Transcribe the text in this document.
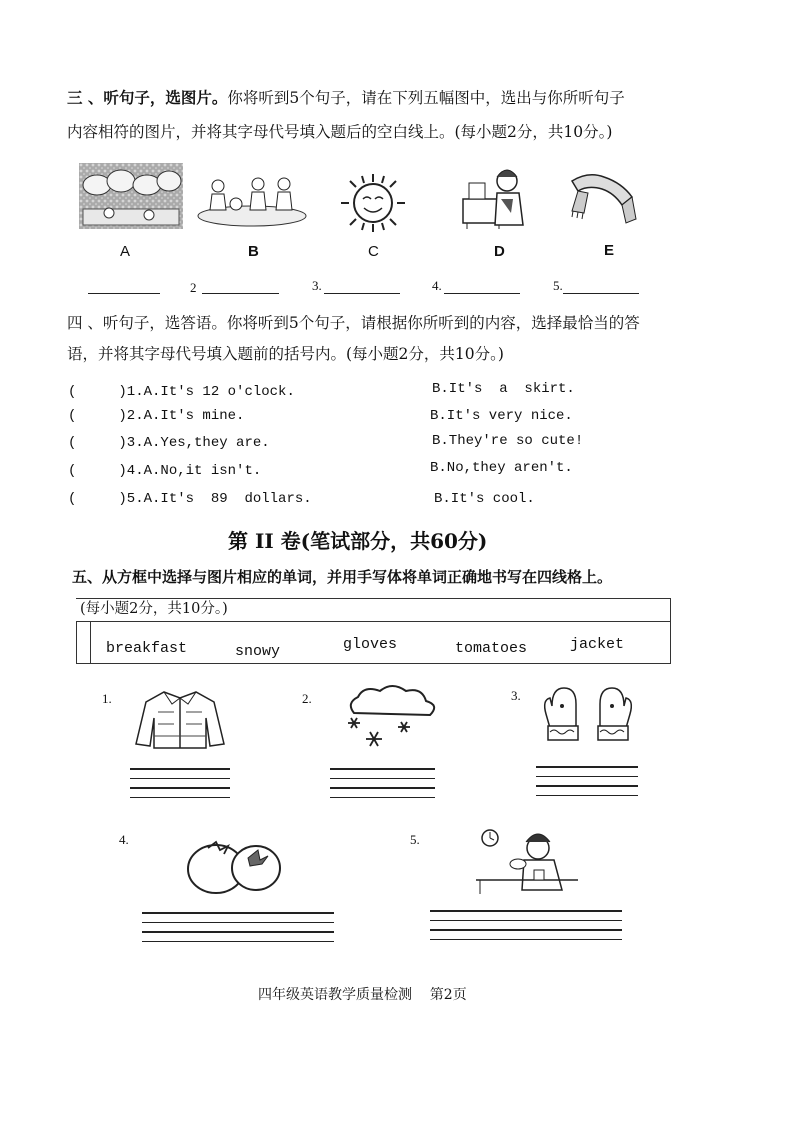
三 、听句子，选图片。你将听到5个句子，请在下列五幅图中，选出与你所听句子
内容相符的图片，并将其字母代号填入题后的空白线上。(每小题2分，共10分。)
A	B	C	D	E
2	3.	4.	5.
四 、听句子，选答语。你将听到5个句子，请根据你所听到的内容，选择最恰当的答
语，并将其字母代号填入题前的括号内。(每小题2分，共10分。)
(     )1.A.It's 12 o'clock.	B.It's  a  skirt.
(     )2.A.It's mine.	B.It's very nice.
(     )3.A.Yes,they are.	B.They're so cute!
(     )4.A.No,it isn't.	B.No,they aren't.
(     )5.A.It's  89  dollars.	B.It's cool.
第 II 卷(笔试部分，共60分)
五、从方框中选择与图片相应的单词，并用手写体将单词正确地书写在四线格上。
(每小题2分，共10分。)
breakfast	snowy	gloves	tomatoes	jacket
1.	2.	3.
4.	5.
四年级英语教学质量检测    第2页
